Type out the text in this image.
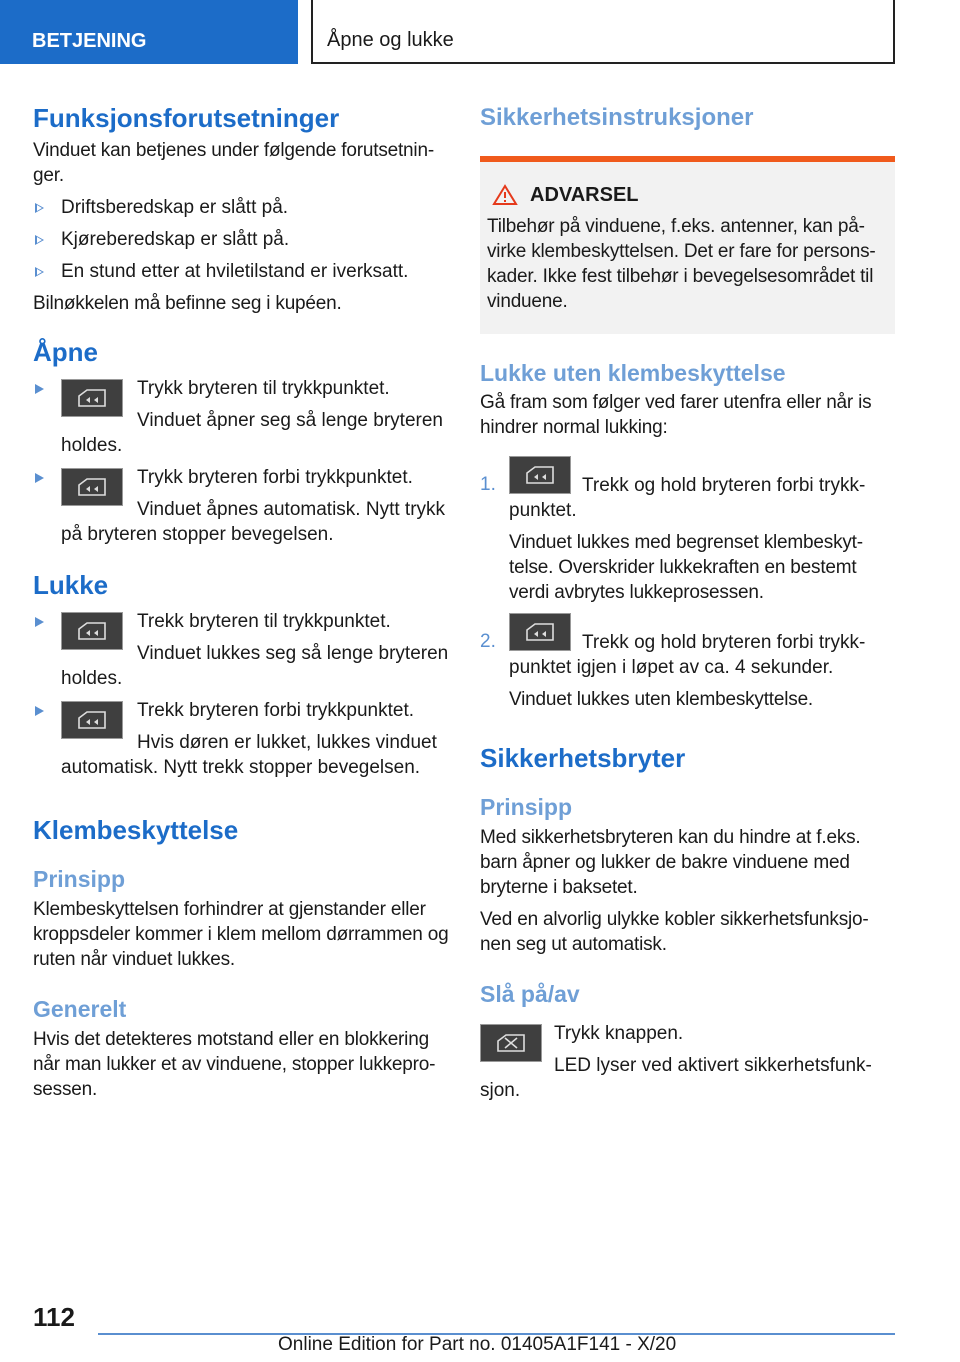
BETJENING	Åpne og lukke
Funksjonsforutsetninger

Vinduet kan betjenes under følgende forutsetnin-ger.

Driftsberedskap er slått på.
Kjøreberedskap er slått på.
En stund etter at hviletilstand er iverksatt.

Bilnøkkelen må befinne seg i kupéen.

Åpne
Trykk bryteren til trykkpunktet.
Vinduet åpner seg så lenge bryteren
holdes.
Trykk bryteren forbi trykkpunktet.
Vinduet åpnes automatisk. Nytt trykk
på bryteren stopper bevegelsen.
Lukke
Trekk bryteren til trykkpunktet.
Vinduet lukkes seg så lenge bryteren
holdes.
Trekk bryteren forbi trykkpunktet.
Hvis døren er lukket, lukkes vinduet
automatisk. Nytt trekk stopper bevegelsen.
Klembeskyttelse
Prinsipp

Klembeskyttelsen forhindrer at gjenstander eller kroppsdeler kommer i klem mellom dørrammen og ruten når vinduet lukkes.

Generelt

Hvis det detekteres motstand eller en blokkering når man lukker et av vinduene, stopper lukkepro-sessen.

Sikkerhetsinstruksjoner
ADVARSEL

Tilbehør på vinduene, f.eks. antenner, kan på-virke klembeskyttelsen. Det er fare for persons-kader. Ikke fest tilbehør i bevegelsesområdet til vinduene.

Lukke uten klembeskyttelse

Gå fram som følger ved farer utenfra eller når is hindrer normal lukking:

1.	Trekk og hold bryteren forbi trykk-
punktet.

Vinduet lukkes med begrenset klembeskyt-telse. Overskrider lukkekraften en bestemt verdi avbrytes lukkeprosessen.

2.	Trekk og hold bryteren forbi trykk-
punktet igjen i løpet av ca. 4 sekunder.

Vinduet lukkes uten klembeskyttelse.

Sikkerhetsbryter
Prinsipp

Med sikkerhetsbryteren kan du hindre at f.eks. barn åpner og lukker de bakre vinduene med bryterne i baksetet.

Ved en alvorlig ulykke kobler sikkerhetsfunksjo-nen seg ut automatisk.

Slå på/av
Trykk knappen.
LED lyser ved aktivert sikkerhetsfunk-
sjon.
112
Online Edition for Part no. 01405A1F141 - X/20
